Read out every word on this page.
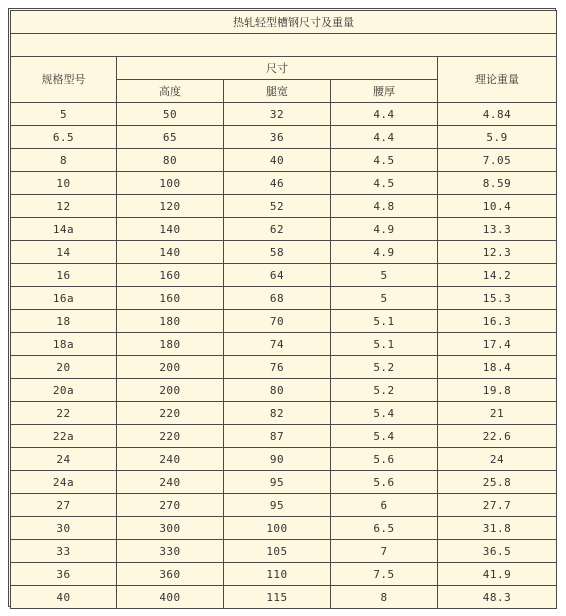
热轧轻型槽钢尺寸及重量				

规格型号	尺寸			理论重量
	高度	腿宽	腰厚	
5	50	32	4.4	4.84
6.5	65	36	4.4	5.9
8	80	40	4.5	7.05
10	100	46	4.5	8.59
12	120	52	4.8	10.4
14a	140	62	4.9	13.3
14	140	58	4.9	12.3
16	160	64	5	14.2
16a	160	68	5	15.3
18	180	70	5.1	16.3
18a	180	74	5.1	17.4
20	200	76	5.2	18.4
20a	200	80	5.2	19.8
22	220	82	5.4	21
22a	220	87	5.4	22.6
24	240	90	5.6	24
24a	240	95	5.6	25.8
27	270	95	6	27.7
30	300	100	6.5	31.8
33	330	105	7	36.5
36	360	110	7.5	41.9
40	400	115	8	48.3
